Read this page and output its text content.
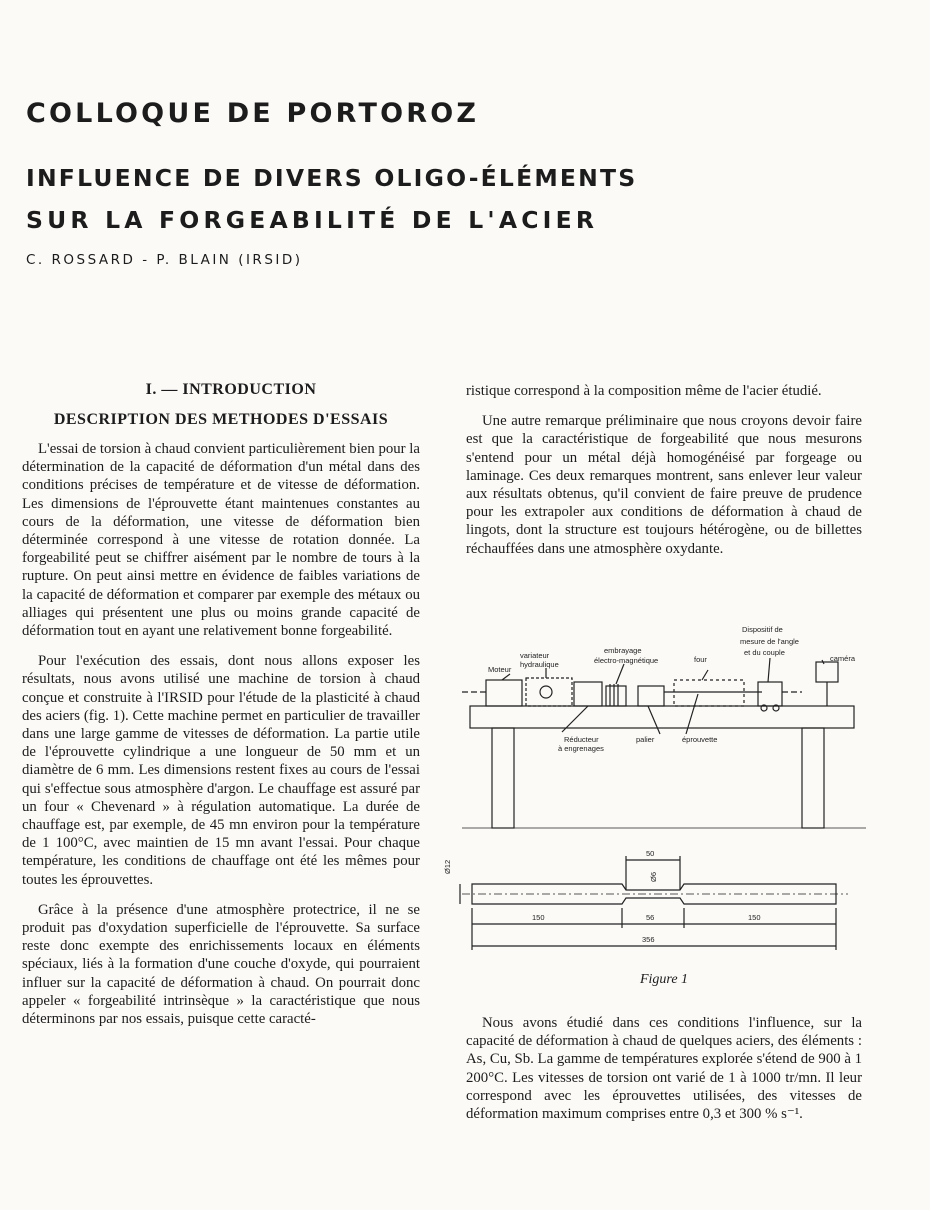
COLLOQUE DE PORTOROZ
INFLUENCE DE DIVERS OLIGO-ÉLÉMENTS
SUR LA FORGEABILITÉ DE L'ACIER
C. ROSSARD - P. BLAIN (IRSID)
I. — INTRODUCTION
DESCRIPTION DES METHODES D'ESSAIS

L'essai de torsion à chaud convient particulièrement bien pour la détermination de la capacité de déformation d'un métal dans des conditions précises de température et de vitesse de déformation. Les dimensions de l'éprouvette étant maintenues constantes au cours de la déformation, une vitesse de déformation bien déterminée correspond à une vitesse de rotation donnée. La forgeabilité peut se chiffrer aisément par le nombre de tours à la rupture. On peut ainsi mettre en évidence de faibles variations de la capacité de déformation et comparer par exemple des métaux ou alliages qui présentent une plus ou moins grande capacité de déformation tout en ayant une relativement bonne forgeabilité.

Pour l'exécution des essais, dont nous allons exposer les résultats, nous avons utilisé une machine de torsion à chaud conçue et construite à l'IRSID pour l'étude de la plasticité à chaud des aciers (fig. 1). Cette machine permet en particulier de travailler dans une large gamme de vitesses de déformation. La partie utile de l'éprouvette cylindrique a une longueur de 50 mm et un diamètre de 6 mm. Les dimensions restent fixes au cours de l'essai qui s'effectue sous atmosphère d'argon. Le chauffage est assuré par un four « Chevenard » à régulation automatique. La durée de chauffage est, par exemple, de 45 mn environ pour la température de 1 100°C, avec maintien de 15 mn avant l'essai. Pour chaque température, les conditions de chauffage ont été les mêmes pour toutes les éprouvettes.

Grâce à la présence d'une atmosphère protectrice, il ne se produit pas d'oxydation superficielle de l'éprouvette. Sa surface reste donc exempte des enrichissements locaux en éléments spéciaux, liés à la formation d'une couche d'oxyde, qui pourraient influer sur la capacité de déformation à chaud. On pourrait donc appeler « forgeabilité intrinsèque » la caractéristique que nous déterminons par nos essais, puisque cette caracté-

ristique correspond à la composition même de l'acier étudié.

Une autre remarque préliminaire que nous croyons devoir faire est que la caractéristique de forgeabilité que nous mesurons s'entend pour un métal déjà homogénéisé par forgeage ou laminage. Ces deux remarques montrent, sans enlever leur valeur aux résultats obtenus, qu'il convient de faire preuve de prudence pour les extrapoler aux conditions de déformation à chaud de lingots, dont la structure est toujours hétérogène, ou de billettes réchauffées dans une atmosphère oxydante.

Moteur
variateur
hydraulique
embrayage
électro-magnétique	four
Dispositif de
mesure de l'angle
et du couple
caméra
Réducteur
à engrenages
palier	éprouvette
50
Ø6
Ø12
150	56	150
356
Figure 1

Nous avons étudié dans ces conditions l'influence, sur la capacité de déformation à chaud de quelques aciers, des éléments : As, Cu, Sb. La gamme de températures explorée s'étend de 900 à 1 200°C. Les vitesses de torsion ont varié de 1 à 1000 tr/mn. Il leur correspond avec les éprouvettes utilisées, des vitesses de déformation maximum comprises entre 0,3 et 300 % s⁻¹.
